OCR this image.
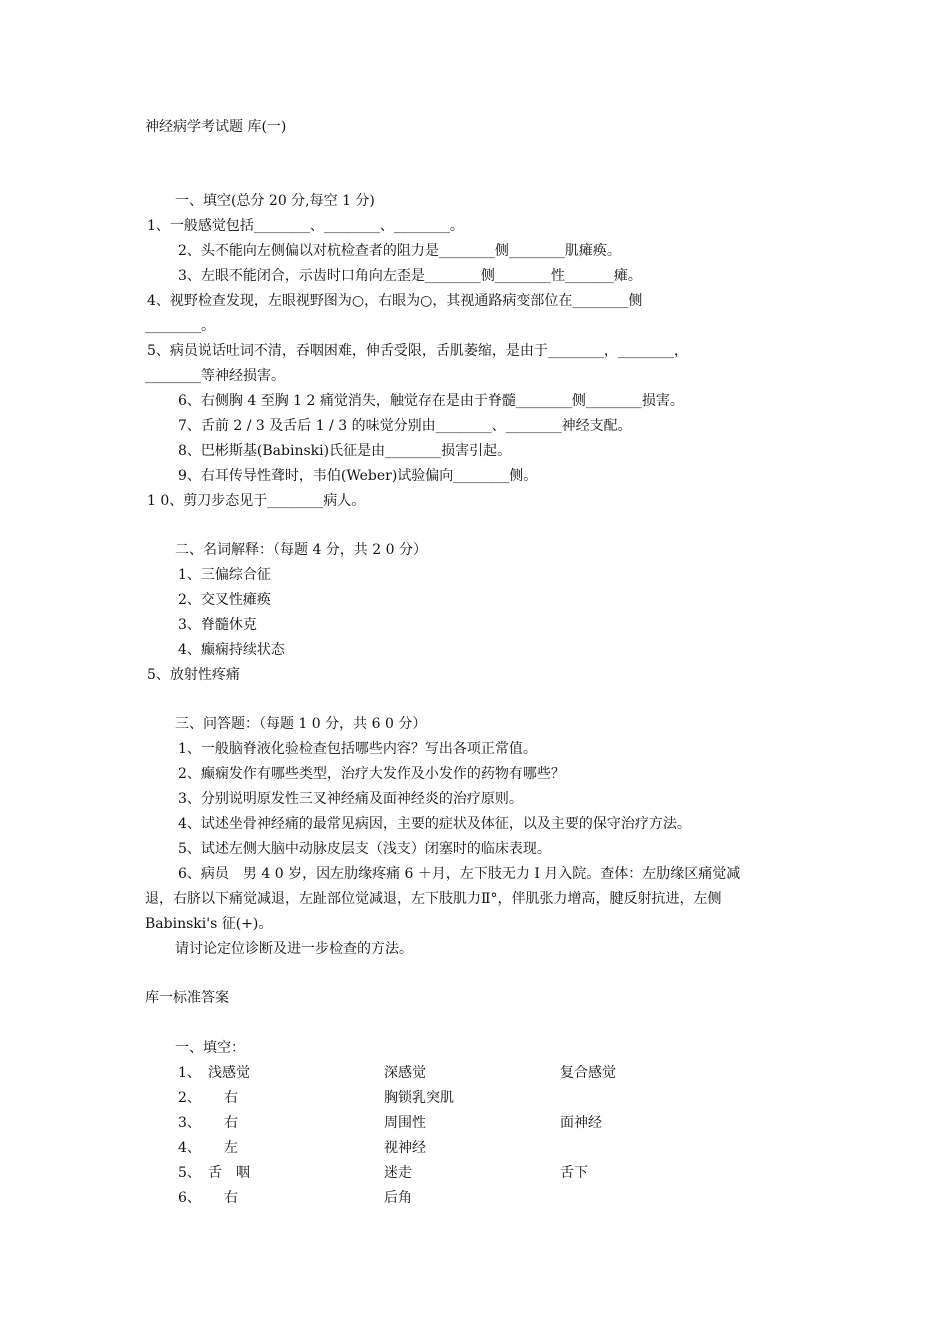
神经病学考试题 库(一)
一、填空(总分 20 分,每空 1 分)
1、一般感觉包括________、________、________。
2、头不能向左侧偏以对杭检查者的阻力是________侧________肌瘫痪。
3、左眼不能闭合，示齿时口角向左歪是________侧________性_______瘫。
4、视野检查发现，左眼视野图为○，右眼为○，其视通路病变部位在________侧
________。
5、病员说话吐词不清，吞咽困难，伸舌受限，舌肌萎缩，是由于________，________，
________等神经损害。
6、右侧胸 4 至胸 1 2 痛觉消失，触觉存在是由于脊髓________侧________损害。
7、舌前 2 / 3 及舌后 1 / 3 的味觉分别由________、________神经支配。
8、巴彬斯基(Babinski)氏征是由________损害引起。
9、右耳传导性聋时，韦伯(Weber)试验偏向________侧。
1 0、剪刀步态见于________病人。
二、名词解释：（每题 4 分，共 2 0 分）
1、三偏综合征
2、交叉性瘫痪
3、脊髓休克
4、癫痫持续状态
5、放射性疼痛
三、问答题：（每题 1 0 分，共 6 0 分）
1、一般脑脊液化验检查包括哪些内容？写出各项正常值。
2、癫痫发作有哪些类型，治疗大发作及小发作的药物有哪些？
3、分别说明原发性三叉神经痛及面神经炎的治疗原则。
4、试述坐骨神经痛的最常见病因，主要的症状及体征，以及主要的保守治疗方法。
5、试述左侧大脑中动脉皮层支（浅支）闭塞时的临床表现。
6、病员　男 4 0 岁，因左肋缘疼痛 6 ＋月，左下肢无力 I 月入院。查体：左肋缘区痛觉减
退，右脐以下痛觉减退，左趾部位觉减退，左下肢肌力Ⅱ°，伴肌张力增高，腱反射抗进，左侧
Babinski's 征(+)。
请讨论定位诊断及进一步检查的方法。
库一标准答案
一、填空：
1、 浅感觉	深感觉	复合感觉
2、 右	胸锁乳突肌
3、 右	周围性	面神经
4、 左	视神经
5、 舌　咽	迷走	舌下
6、 右	后角
